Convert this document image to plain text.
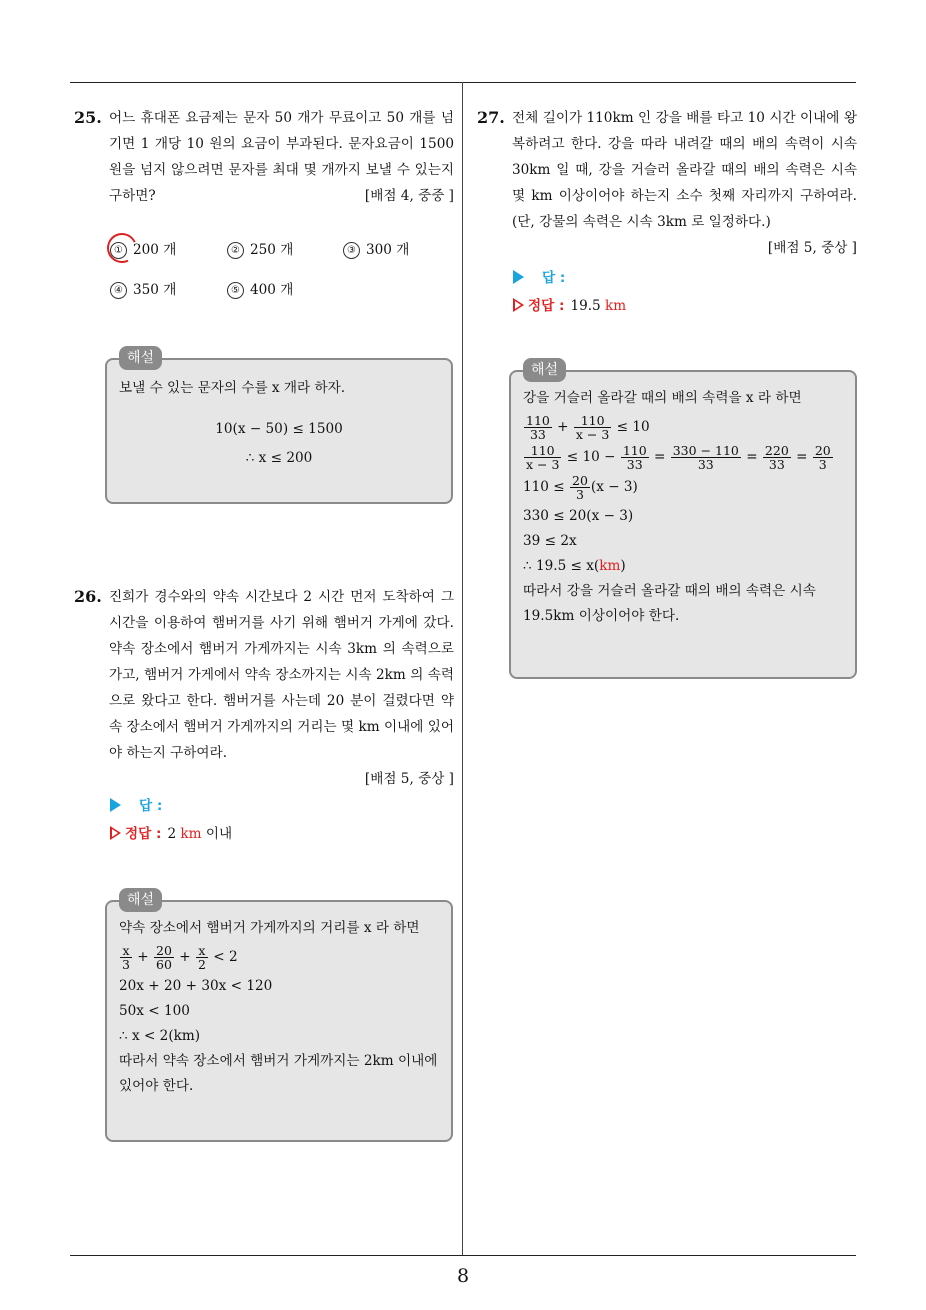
8
25. 어느 휴대폰 요금제는 문자 50 개가 무료이고 50 개를 넘기면 1 개당 10 원의 요금이 부과된다. 문자요금이 1500 원을 넘지 않으려면 문자를 최대 몇 개까지 보낼 수 있는지 구하면?	[배점 4, 중중 ]
① 200 개	② 250 개	③ 300 개
④ 350 개	⑤ 400 개
해설
보낼 수 있는 문자의 수를 x 개라 하자.
10(x − 50) ≤ 1500
∴ x ≤ 200
26. 진희가 경수와의 약속 시간보다 2 시간 먼저 도착하여 그 시간을 이용하여 햄버거를 사기 위해 햄버거 가게에 갔다. 약속 장소에서 햄버거 가게까지는 시속 3km 의 속력으로 가고, 햄버거 가게에서 약속 장소까지는 시속 2km 의 속력으로 왔다고 한다. 햄버거를 사는데 20 분이 걸렸다면 약속 장소에서 햄버거 가게까지의 거리는 몇 km 이내에 있어야 하는지 구하여라.
[배점 5, 중상 ]
답 :
정답 : 2 km 이내
해설
약속 장소에서 햄버거 가게까지의 거리를 x 라 하면
$\frac{x}{3} + \frac{20}{60} + \frac{x}{2} < 2$
20x + 20 + 30x < 120
50x < 100
∴ x < 2(km)
따라서 약속 장소에서 햄버거 가게까지는 2km 이내에 있어야 한다.
27. 전체 길이가 110km 인 강을 배를 타고 10 시간 이내에 왕복하려고 한다. 강을 따라 내려갈 때의 배의 속력이 시속 30km 일 때, 강을 거슬러 올라갈 때의 배의 속력은 시속 몇 km 이상이어야 하는지 소수 첫째 자리까지 구하여라. (단, 강물의 속력은 시속 3km 로 일정하다.)
[배점 5, 중상 ]
답 :
정답 : 19.5 km
해설
강을 거슬러 올라갈 때의 배의 속력을 x 라 하면
$\frac{110}{33} + \frac{110}{x - 3} \le 10$
$\frac{110}{x - 3} \le 10 - \frac{110}{33} = \frac{330 - 110}{33} = \frac{220}{33} = \frac{20}{3}$
$110 \le \frac{20}{3} (x - 3)$
330 ≤ 20(x − 3)
39 ≤ 2x
∴ 19.5 ≤ x(km)
따라서 강을 거슬러 올라갈 때의 배의 속력은 시속 19.5km 이상이어야 한다.
